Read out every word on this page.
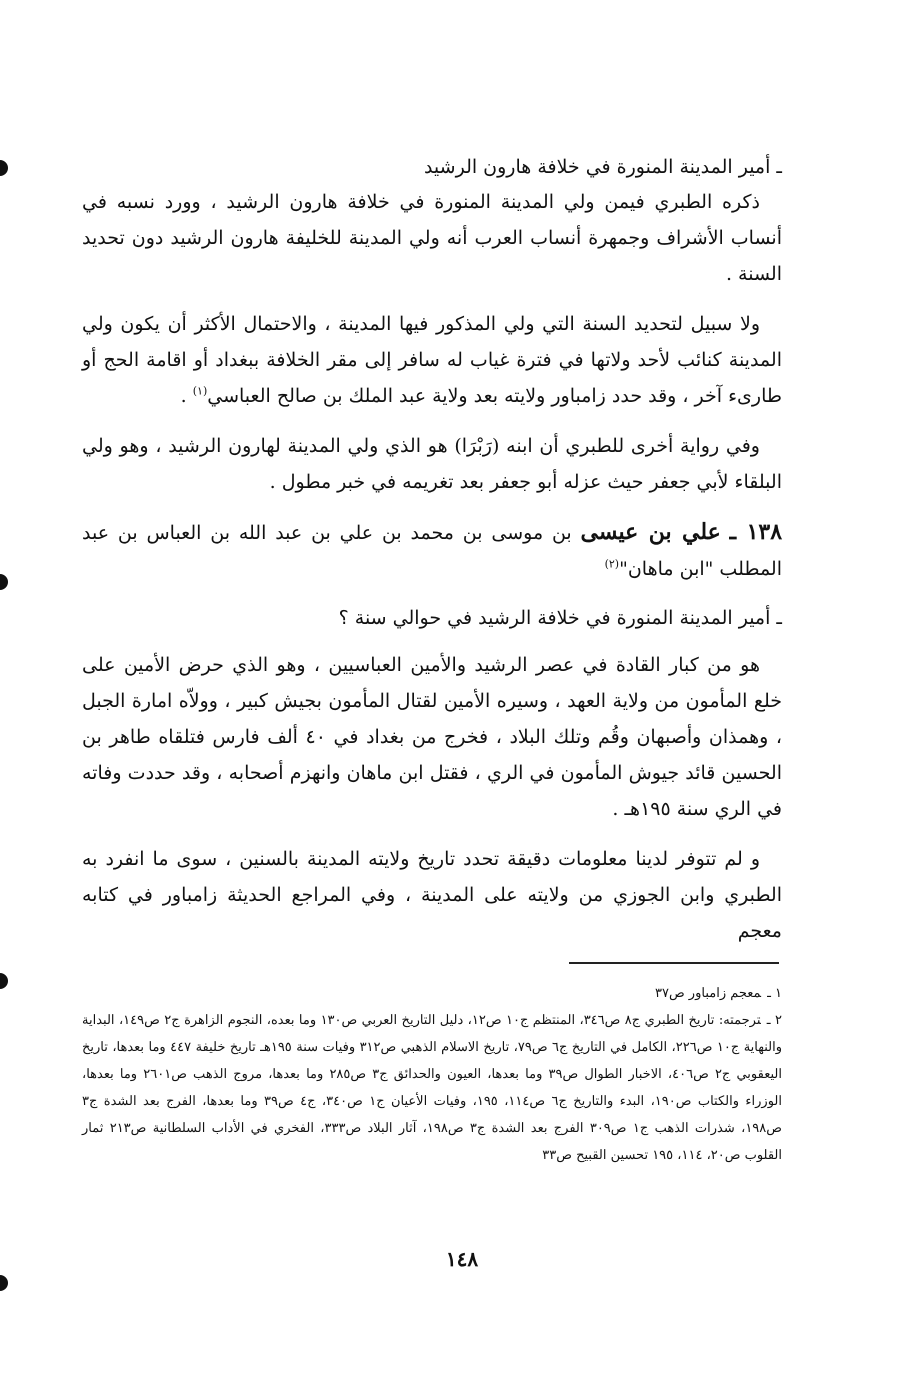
ـ أمير المدينة المنورة في خلافة هارون الرشيد

ذكره الطبري فيمن ولي المدينة المنورة في خلافة هارون الرشيد ، وورد نسبه في أنساب الأشراف وجمهرة أنساب العرب أنه ولي المدينة للخليفة هارون الرشيد دون تحديد السنة .

ولا سبيل لتحديد السنة التي ولي المذكور فيها المدينة ، والاحتمال الأكثر أن يكون ولي المدينة كنائب لأحد ولاتها في فترة غياب له سافر إلى مقر الخلافة ببغداد أو اقامة الحج أو طارىء آخر ، وقد حدد زامباور ولايته بعد ولاية عبد الملك بن صالح العباسي$^{(١)}$ .

وفي رواية أخرى للطبري أن ابنه (رَبْرَا) هو الذي ولي المدينة لهارون الرشيد ، وهو ولي البلقاء لأبي جعفر حيث عزله أبو جعفر بعد تغريمه في خبر مطول .

١٣٨ ـ علي بن عيسى بن موسى بن محمد بن علي بن عبد الله بن العباس بن عبد المطلب "ابن ماهان"$^{(٢)}$

ـ أمير المدينة المنورة في خلافة الرشيد في حوالي سنة ؟

هو من كبار القادة في عصر الرشيد والأمين العباسيين ، وهو الذي حرض الأمين على خلع المأمون من ولاية العهد ، وسيره الأمين لقتال المأمون بجيش كبير ، وولاّه امارة الجبل ، وهمذان وأصبهان وقُم وتلك البلاد ، فخرج من بغداد في ٤٠ ألف فارس فتلقاه طاهر بن الحسين قائد جيوش المأمون في الري ، فقتل ابن ماهان وانهزم أصحابه ، وقد حددت وفاته في الري سنة ١٩٥هـ .

و لم تتوفر لدينا معلومات دقيقة تحدد تاريخ ولايته المدينة بالسنين ، سوى ما انفرد به الطبري وابن الجوزي من ولايته على المدينة ، وفي المراجع الحديثة زامباور في كتابه معجم

١ ـمعجم زامباور ص٣٧

٢ ـترجمته: تاريخ الطبري ج٨ ص٣٤٦، المنتظم ج١٠ ص١٢، دليل التاريخ العربي ص١٣٠ وما بعده، النجوم الزاهرة ج٢ ص١٤٩، البداية والنهاية ج١٠ ص٢٢٦، الكامل في التاريخ ج٦ ص٧٩، تاريخ الاسلام الذهبي ص٣١٢ وفيات سنة ١٩٥هـ تاريخ خليفة ٤٤٧ وما بعدها، تاريخ اليعقوبي ج٢ ص٤٠٦، الاخبار الطوال ص٣٩ وما بعدها، العيون والحدائق ج٣ ص٢٨٥ وما بعدها، مروج الذهب ص٢٦٠١ وما بعدها، الوزراء والكتاب ص١٩٠، البدء والتاريخ ج٦ ص١١٤، ١٩٥، وفيات الأعيان ج١ ص٣٤٠، ج٤ ص٣٩ وما بعدها، الفرج بعد الشدة ج٣ ص١٩٨، شذرات الذهب ج١ ص٣٠٩ الفرج بعد الشدة ج٣ ص١٩٨، آثار البلاد ص٣٣٣، الفخري في الأداب السلطانية ص٢١٣ ثمار القلوب ص٢٠، ١١٤، ١٩٥ تحسين القبيح ص٣٣

١٤٨
